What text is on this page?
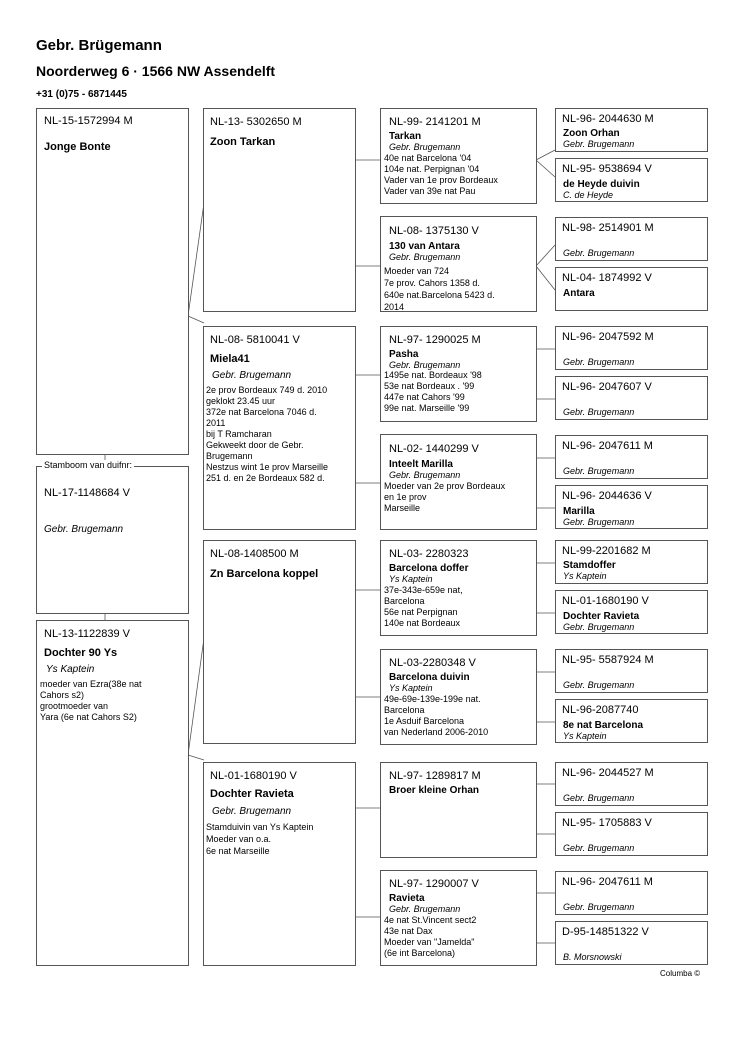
Gebr. Brügemann
Noorderweg 6 · 1566 NW Assendelft
+31 (0)75 - 6871445
NL-15-1572994 M
Jonge Bonte
NL-17-1148684 V
Gebr. Brugemann
Stamboom van duifnr:
NL-13-1122839 V
Dochter 90 Ys
Ys Kaptein
moeder van Ezra(38e nat
Cahors s2)
grootmoeder van
Yara (6e nat Cahors S2)
NL-13- 5302650 M
Zoon Tarkan
NL-08- 5810041 V
Miela41
Gebr. Brugemann
2e prov Bordeaux 749 d. 2010
geklokt 23.45 uur
372e nat Barcelona 7046 d.
2011
bij T Ramcharan
Gekweekt door de Gebr.
Brugemann
Nestzus wint 1e prov Marseille
251 d. en 2e Bordeaux 582 d.
NL-08-1408500 M
Zn Barcelona koppel
NL-01-1680190 V
Dochter Ravieta
Gebr. Brugemann
Stamduivin van Ys Kaptein
Moeder van o.a.
6e nat Marseille
NL-99- 2141201 M
Tarkan
Gebr. Brugemann
40e nat Barcelona '04
104e nat. Perpignan '04
Vader van 1e prov Bordeaux
Vader van 39e nat Pau
NL-08- 1375130 V
130 van Antara
Gebr. Brugemann
Moeder van 724
7e prov. Cahors 1358 d.
640e nat.Barcelona 5423 d.
2014
NL-97- 1290025 M
Pasha
Gebr. Brugemann
1495e nat. Bordeaux '98
53e nat Bordeaux . '99
447e nat Cahors '99
99e nat. Marseille '99
NL-02- 1440299 V
Inteelt Marilla
Gebr. Brugemann
Moeder van 2e prov Bordeaux
en 1e prov
Marseille
NL-03- 2280323
Barcelona doffer
Ys Kaptein
37e-343e-659e nat,
Barcelona
56e nat Perpignan
140e nat Bordeaux
NL-03-2280348 V
Barcelona duivin
Ys Kaptein
49e-69e-139e-199e nat.
Barcelona
1e Asduif Barcelona
van Nederland 2006-2010
NL-97- 1289817 M
Broer kleine Orhan
NL-97- 1290007 V
Ravieta
Gebr. Brugemann
4e nat St.Vincent sect2
43e nat Dax
Moeder van "Jamelda"
(6e int Barcelona)
NL-96- 2044630 M
Zoon Orhan
Gebr. Brugemann
NL-95- 9538694 V
de Heyde duivin
C. de Heyde
NL-98- 2514901 M
Gebr. Brugemann
NL-04- 1874992 V
Antara
NL-96- 2047592 M
Gebr. Brugemann
NL-96- 2047607 V
Gebr. Brugemann
NL-96- 2047611 M
Gebr. Brugemann
NL-96- 2044636 V
Marilla
Gebr. Brugemann
NL-99-2201682 M
Stamdoffer
Ys Kaptein
NL-01-1680190 V
Dochter Ravieta
Gebr. Brugemann
NL-95- 5587924 M
Gebr. Brugemann
NL-96-2087740
8e nat Barcelona
Ys Kaptein
NL-96- 2044527 M
Gebr. Brugemann
NL-95- 1705883 V
Gebr. Brugemann
NL-96- 2047611 M
Gebr. Brugemann
D-95-14851322 V
B. Morsnowski
Columba ©
